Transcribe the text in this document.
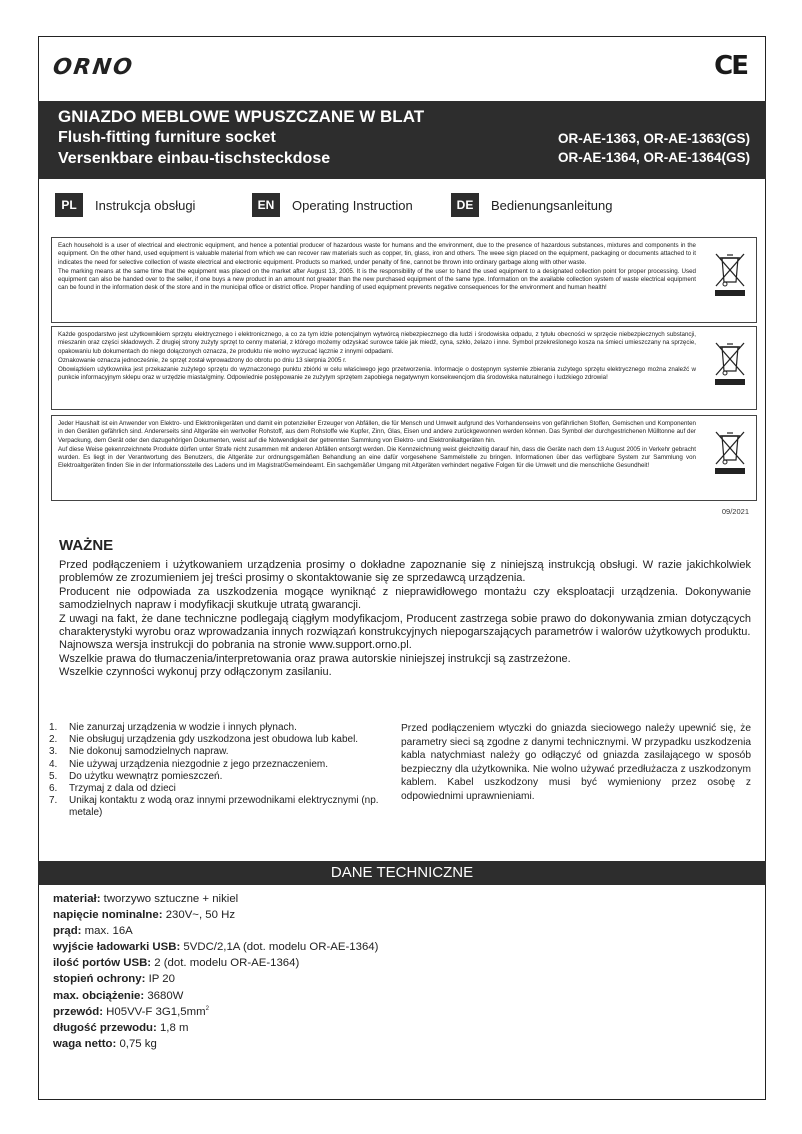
ORNO	CE
GNIAZDO MEBLOWE WPUSZCZANE W BLAT
Flush-fitting furniture socket
Versenkbare einbau-tischsteckdose
OR-AE-1363, OR-AE-1363(GS)
OR-AE-1364, OR-AE-1364(GS)
PL	Instrukcja obsługi	EN	Operating Instruction	DE	Bedienungsanleitung

Each household is a user of electrical and electronic equipment, and hence a potential producer of hazardous waste for humans and the environment, due to the presence of hazardous substances, mixtures and components in the equipment. On the other hand, used equipment is valuable material from which we can recover raw materials such as copper, tin, glass, iron and others. The weee sign placed on the equipment, packaging or documents attached to it indicates the need for selective collection of waste electrical and electronic equipment. Products so marked, under penalty of fine, cannot be thrown into ordinary garbage along with other waste.

The marking means at the same time that the equipment was placed on the market after August 13, 2005. It is the responsibility of the user to hand the used equipment to a designated collection point for proper processing. Used equipment can also be handed over to the seller, if one buys a new product in an amount not greater than the new purchased equipment of the same type. Information on the available collection system of waste electrical equipment can be found in the information desk of the store and in the municipal office or district office. Proper handling of used equipment prevents negative consequences for the environment and human health!

Każde gospodarstwo jest użytkownikiem sprzętu elektrycznego i elektronicznego, a co za tym idzie potencjalnym wytwórcą niebezpiecznego dla ludzi i środowiska odpadu, z tytułu obecności w sprzęcie niebezpiecznych substancji, mieszanin oraz części składowych. Z drugiej strony zużyty sprzęt to cenny materiał, z którego możemy odzyskać surowce takie jak miedź, cyna, szkło, żelazo i inne. Symbol przekreślonego kosza na śmieci umieszczany na sprzęcie, opakowaniu lub dokumentach do niego dołączonych oznacza, że produktu nie wolno wyrzucać łącznie z innymi odpadami.

Oznakowanie oznacza jednocześnie, że sprzęt został wprowadzony do obrotu po dniu 13 sierpnia 2005 r.

Obowiązkiem użytkownika jest przekazanie zużytego sprzętu do wyznaczonego punktu zbiórki w celu właściwego jego przetworzenia. Informacje o dostępnym systemie zbierania zużytego sprzętu elektrycznego można znaleźć w punkcie informacyjnym sklepu oraz w urzędzie miasta/gminy. Odpowiednie postępowanie ze zużytym sprzętem zapobiega negatywnym konsekwencjom dla środowiska naturalnego i ludzkiego zdrowia!

Jeder Haushalt ist ein Anwender von Elektro- und Elektronikgeräten und damit ein potenzieller Erzeuger von Abfällen, die für Mensch und Umwelt aufgrund des Vorhandenseins von gefährlichen Stoffen, Gemischen und Komponenten in den Geräten gefährlich sind. Andererseits sind Altgeräte ein wertvoller Rohstoff, aus dem Rohstoffe wie Kupfer, Zinn, Glas, Eisen und andere zurückgewonnen werden können. Das Symbol der durchgestrichenen Mülltonne auf der Verpackung, dem Gerät oder den dazugehörigen Dokumenten, weist auf die Notwendigkeit der getrennten Sammlung von Elektro- und Elektronikaltgeräten hin.

Auf diese Weise gekennzeichnete Produkte dürfen unter Strafe nicht zusammen mit anderen Abfällen entsorgt werden. Die Kennzeichnung weist gleichzeitig darauf hin, dass die Geräte nach dem 13 August 2005 in Verkehr gebracht wurden. Es liegt in der Verantwortung des Benutzers, die Altgeräte zur ordnungsgemäßen Behandlung an eine dafür vorgesehene Sammelstelle zu bringen. Informationen über das verfügbare System zur Sammlung von Elektroaltgeräten finden Sie in der Informationsstelle des Ladens und im Magistrat/Gemeindeamt. Ein sachgemäßer Umgang mit Altgeräten verhindert negative Folgen für die Umwelt und die menschliche Gesundheit!

09/2021
WAŻNE

Przed podłączeniem i użytkowaniem urządzenia prosimy o dokładne zapoznanie się z niniejszą instrukcją obsługi. W razie jakichkolwiek problemów ze zrozumieniem jej treści prosimy o skontaktowanie się ze sprzedawcą urządzenia.

Producent nie odpowiada za uszkodzenia mogące wyniknąć z nieprawidłowego montażu czy eksploatacji urządzenia. Dokonywanie samodzielnych napraw i modyfikacji skutkuje utratą gwarancji.

Z uwagi na fakt, że dane techniczne podlegają ciągłym modyfikacjom, Producent zastrzega sobie prawo do dokonywania zmian dotyczących charakterystyki wyrobu oraz wprowadzania innych rozwiązań konstrukcyjnych niepogarszających parametrów i walorów użytkowych produktu.

Najnowsza wersja instrukcji do pobrania na stronie www.support.orno.pl.

Wszelkie prawa do tłumaczenia/interpretowania oraz prawa autorskie niniejszej instrukcji są zastrzeżone.

Wszelkie czynności wykonuj przy odłączonym zasilaniu.

1.	Nie zanurzaj urządzenia w wodzie i innych płynach.
2.	Nie obsługuj urządzenia gdy uszkodzona jest obudowa lub kabel.
3.	Nie dokonuj samodzielnych napraw.
4.	Nie używaj urządzenia niezgodnie z jego przeznaczeniem.
5.	Do użytku wewnątrz pomieszczeń.
6.	Trzymaj z dala od dzieci
7.	Unikaj kontaktu z wodą oraz innymi przewodnikami elektrycznymi (np. metale)

Przed podłączeniem wtyczki do gniazda sieciowego należy upewnić się, że parametry sieci są zgodne z danymi technicznymi. W przypadku uszkodzenia kabla natychmiast należy go odłączyć od gniazda zasilającego w sposób bezpieczny dla użytkownika. Nie wolno używać przedłużacza z uszkodzonym kablem. Kabel uszkodzony musi być wymieniony przez osobę z odpowiednimi uprawnieniami.

DANE TECHNICZNE
materiał: tworzywo sztuczne + nikiel
napięcie nominalne: 230V~, 50 Hz
prąd: max. 16A
wyjście ładowarki USB: 5VDC/2,1A (dot. modelu OR-AE-1364)
ilość portów USB: 2 (dot. modelu OR-AE-1364)
stopień ochrony: IP 20
max. obciążenie: 3680W
przewód: H05VV-F $3G1,5mm^2$
długość przewodu: 1,8 m
waga netto: 0,75 kg
